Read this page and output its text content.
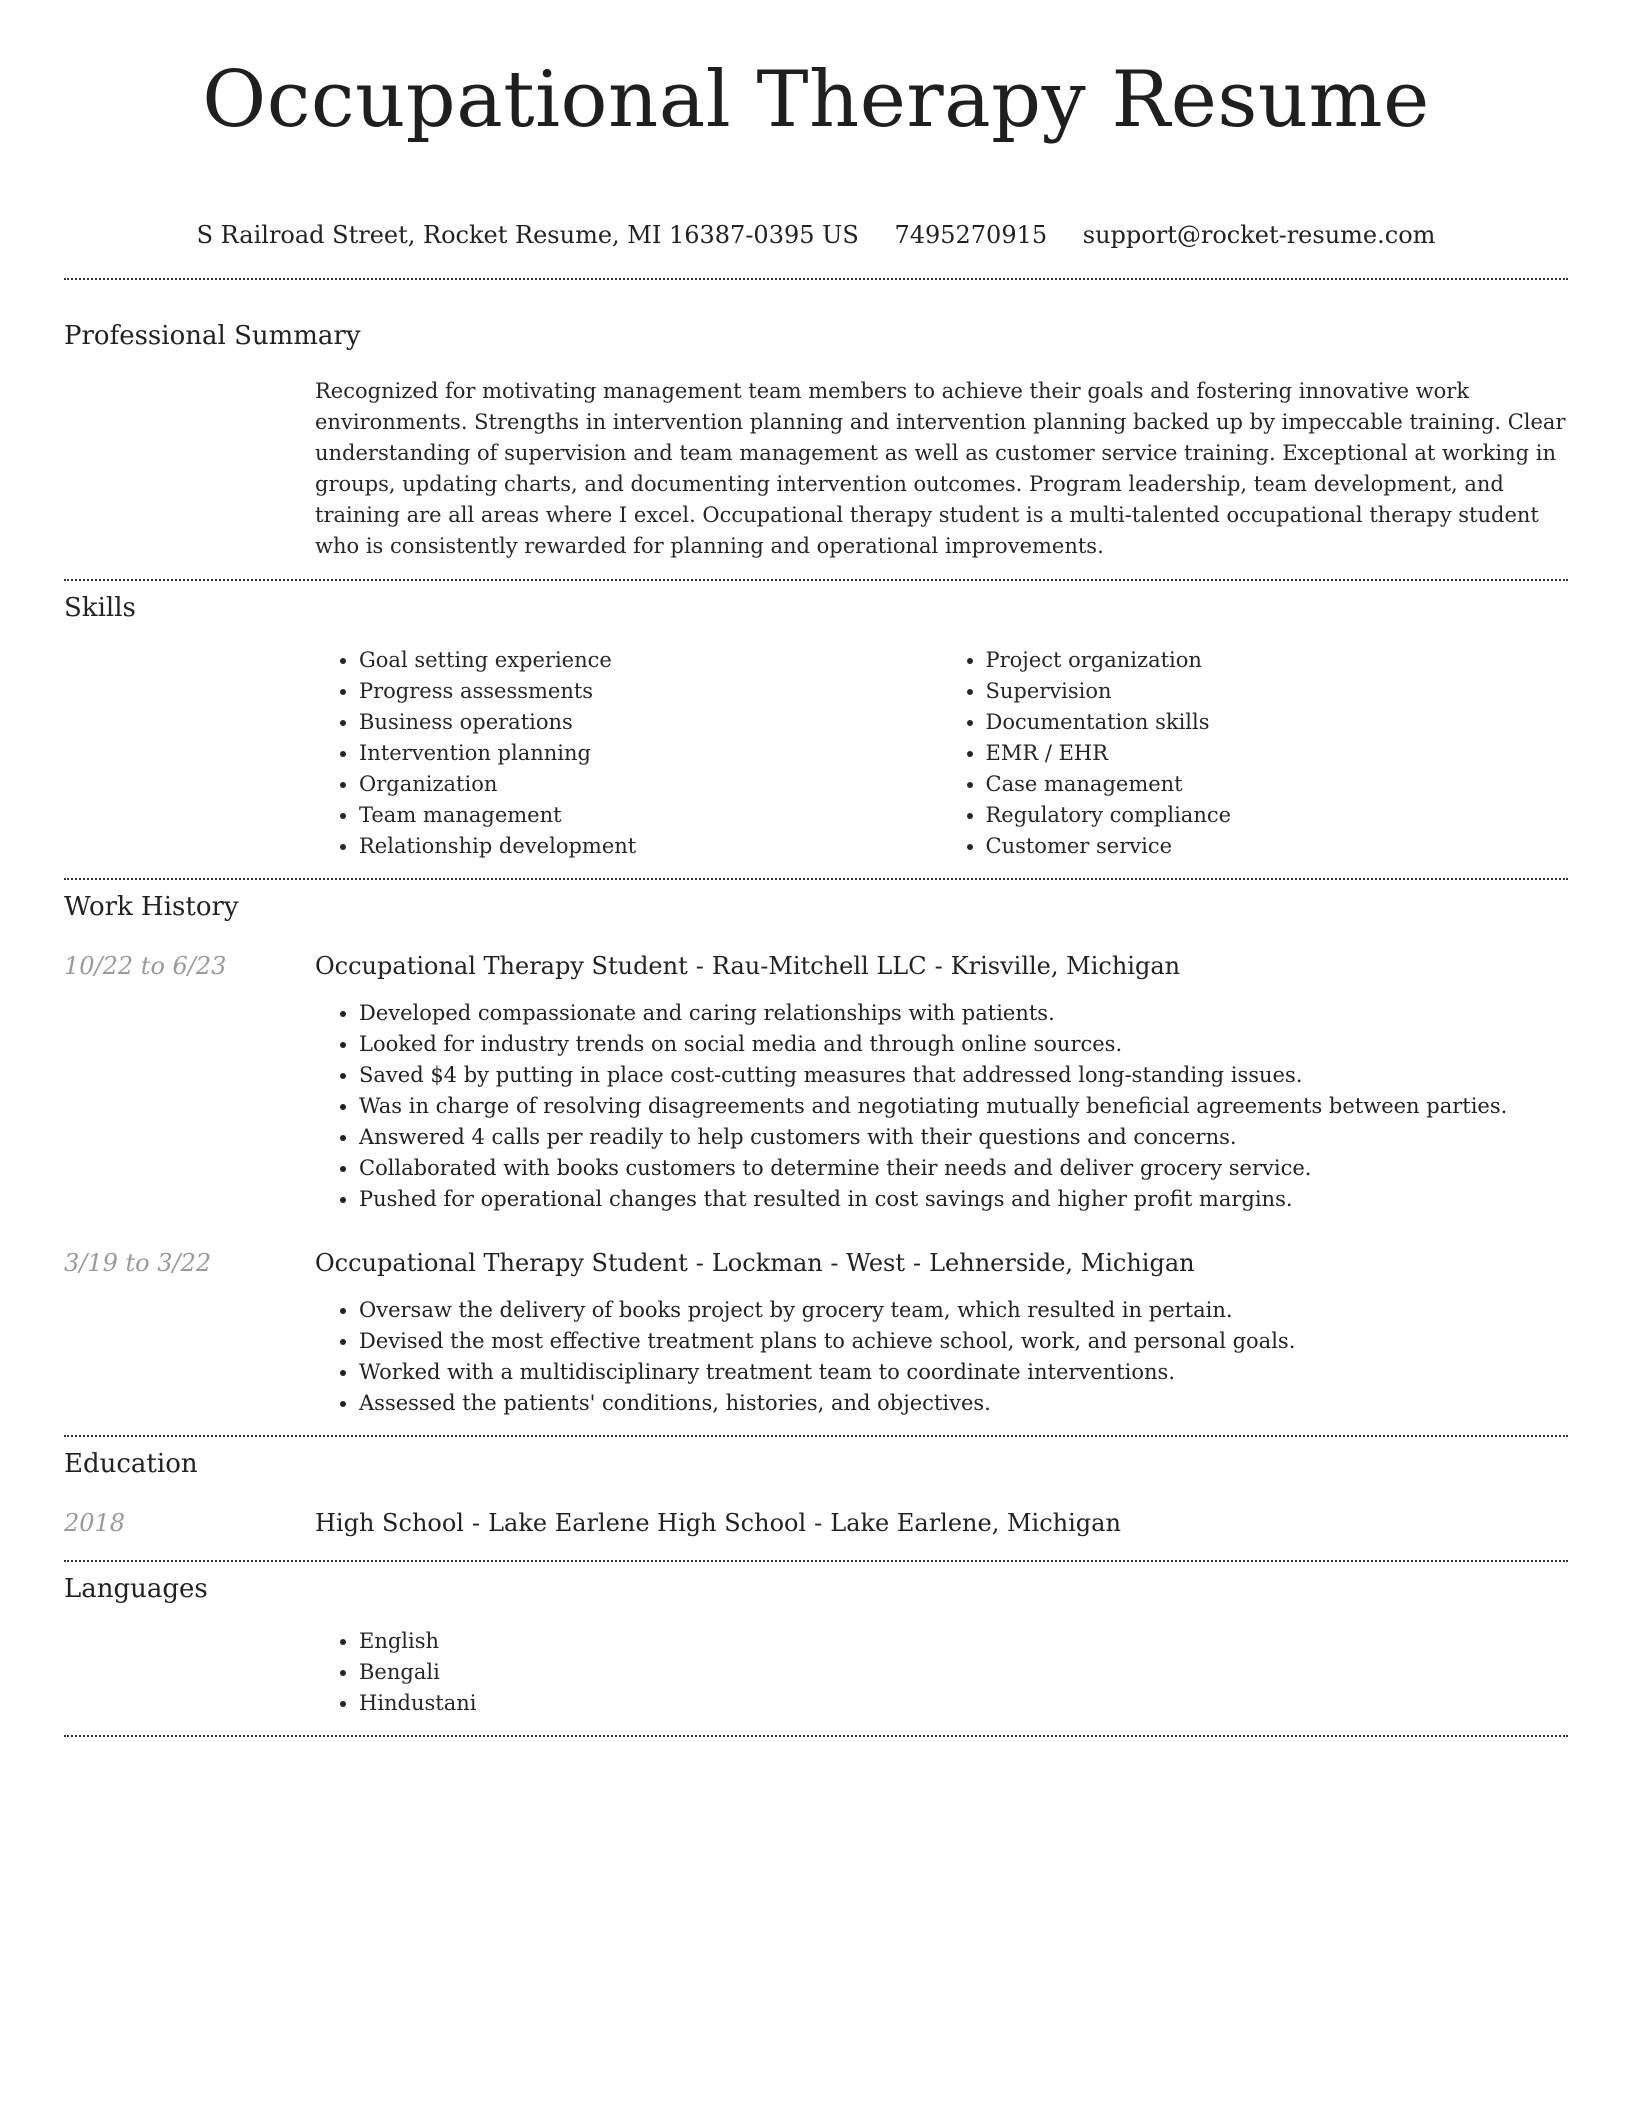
Occupational Therapy Resume
S Railroad Street, Rocket Resume, MI 16387-0395 US 7495270915 support@rocket-resume.com
Professional Summary
Recognized for motivating management team members to achieve their goals and fostering innovative work environments. Strengths in intervention planning and intervention planning backed up by impeccable training. Clear understanding of supervision and team management as well as customer service training. Exceptional at working in groups, updating charts, and documenting intervention outcomes. Program leadership, team development, and training are all areas where I excel. Occupational therapy student is a multi-talented occupational therapy student who is consistently rewarded for planning and operational improvements.
Skills
• Goal setting experience
• Progress assessments
• Business operations
• Intervention planning
• Organization
• Team management
• Relationship development
• Project organization
• Supervision
• Documentation skills
• EMR / EHR
• Case management
• Regulatory compliance
• Customer service
Work History
10/22 to 6/23	Occupational Therapy Student - Rau-Mitchell LLC - Krisville, Michigan
• Developed compassionate and caring relationships with patients.
• Looked for industry trends on social media and through online sources.
• Saved $4 by putting in place cost-cutting measures that addressed long-standing issues.
• Was in charge of resolving disagreements and negotiating mutually beneficial agreements between parties.
• Answered 4 calls per readily to help customers with their questions and concerns.
• Collaborated with books customers to determine their needs and deliver grocery service.
• Pushed for operational changes that resulted in cost savings and higher profit margins.
3/19 to 3/22	Occupational Therapy Student - Lockman - West - Lehnerside, Michigan
• Oversaw the delivery of books project by grocery team, which resulted in pertain.
• Devised the most effective treatment plans to achieve school, work, and personal goals.
• Worked with a multidisciplinary treatment team to coordinate interventions.
• Assessed the patients' conditions, histories, and objectives.
Education
2018	High School - Lake Earlene High School - Lake Earlene, Michigan
Languages
• English
• Bengali
• Hindustani
